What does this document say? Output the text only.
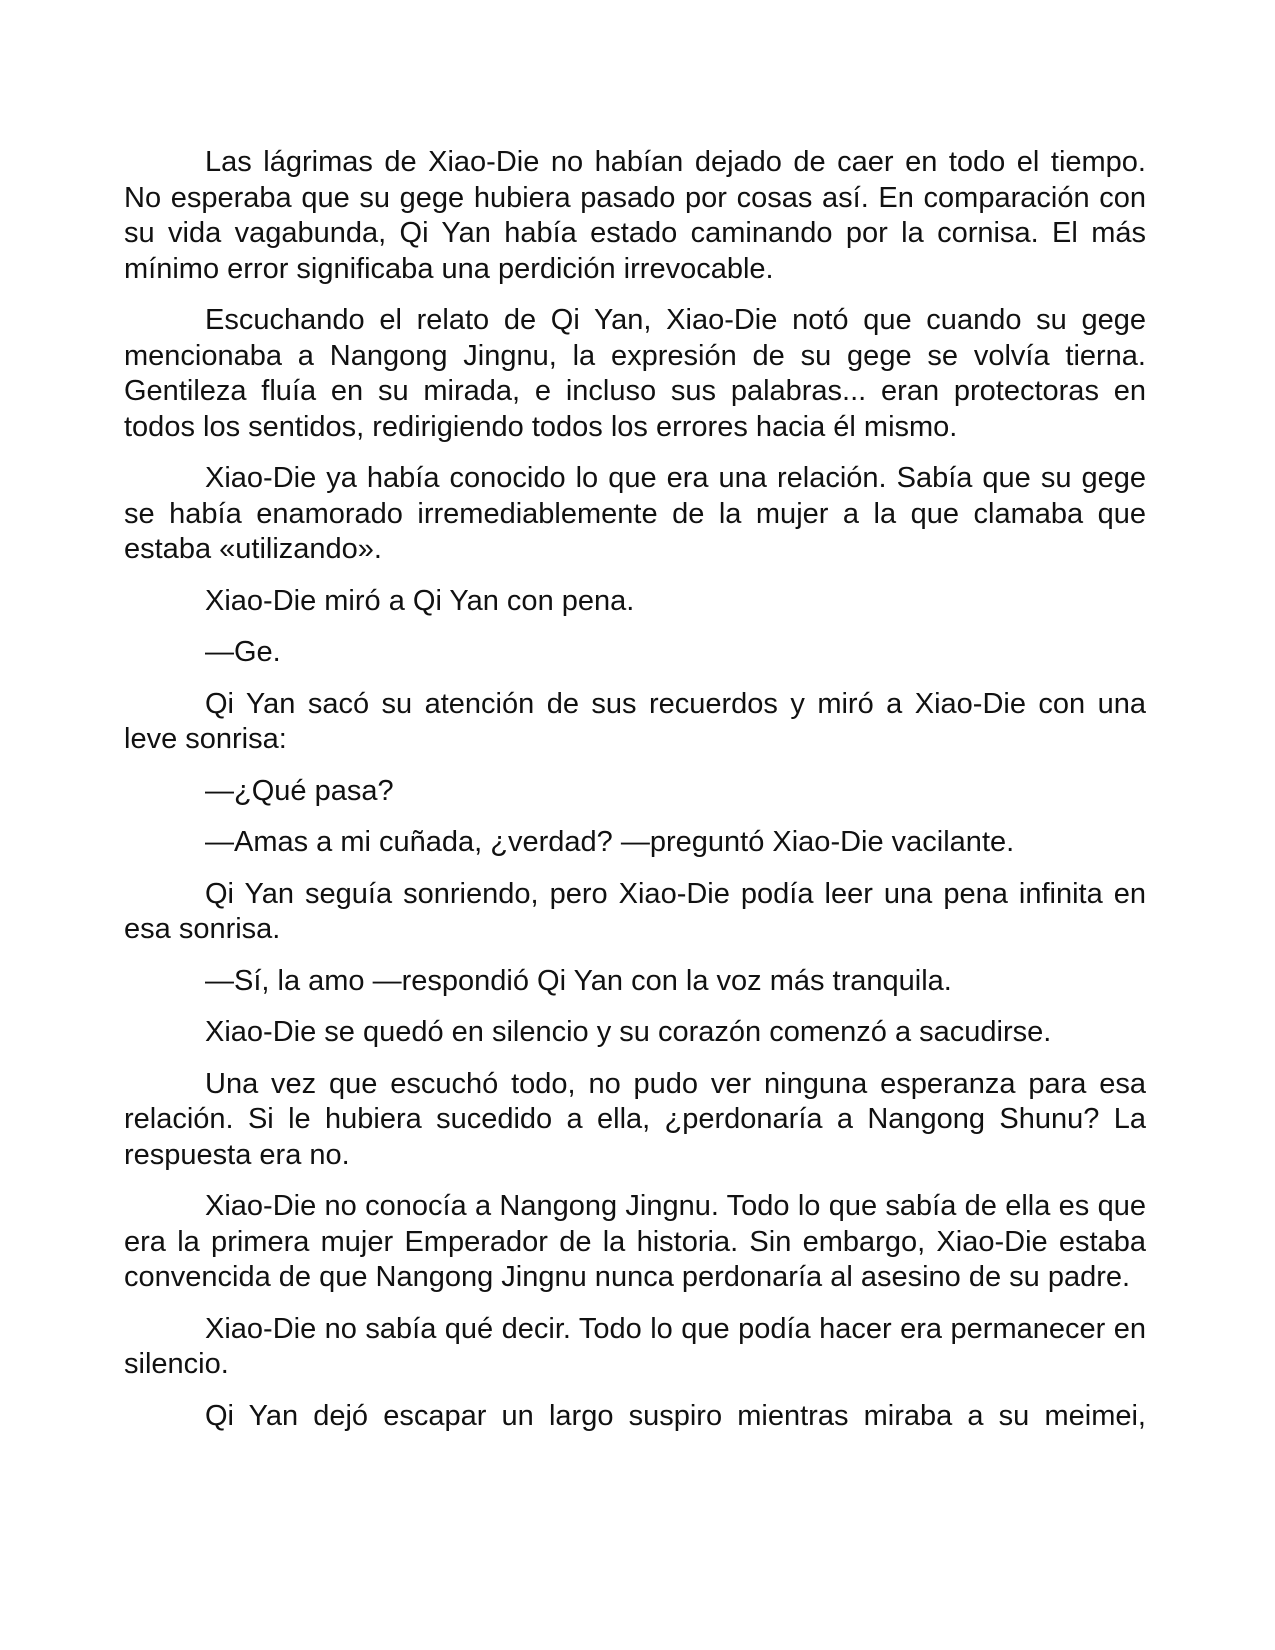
Las lágrimas de Xiao-Die no habían dejado de caer en todo el tiempo. No esperaba que su gege hubiera pasado por cosas así. En comparación con su vida vagabunda, Qi Yan había estado caminando por la cornisa. El más mínimo error significaba una perdición irrevocable.

Escuchando el relato de Qi Yan, Xiao-Die notó que cuando su gege mencionaba a Nangong Jingnu, la expresión de su gege se volvía tierna. Gentileza fluía en su mirada, e incluso sus palabras... eran protectoras en todos los sentidos, redirigiendo todos los errores hacia él mismo.

Xiao-Die ya había conocido lo que era una relación. Sabía que su gege se había enamorado irremediablemente de la mujer a la que clamaba que estaba «utilizando».

Xiao-Die miró a Qi Yan con pena.

—Ge.

Qi Yan sacó su atención de sus recuerdos y miró a Xiao-Die con una leve sonrisa:

—¿Qué pasa?

—Amas a mi cuñada, ¿verdad? —preguntó Xiao-Die vacilante.

Qi Yan seguía sonriendo, pero Xiao-Die podía leer una pena infinita en esa sonrisa.

—Sí, la amo —respondió Qi Yan con la voz más tranquila.

Xiao-Die se quedó en silencio y su corazón comenzó a sacudirse.

Una vez que escuchó todo, no pudo ver ninguna esperanza para esa relación. Si le hubiera sucedido a ella, ¿perdonaría a Nangong Shunu? La respuesta era no.

Xiao-Die no conocía a Nangong Jingnu. Todo lo que sabía de ella es que era la primera mujer Emperador de la historia. Sin embargo, Xiao-Die estaba convencida de que Nangong Jingnu nunca perdonaría al asesino de su padre.

Xiao-Die no sabía qué decir. Todo lo que podía hacer era permanecer en silencio.

Qi Yan dejó escapar un largo suspiro mientras miraba a su meimei,
